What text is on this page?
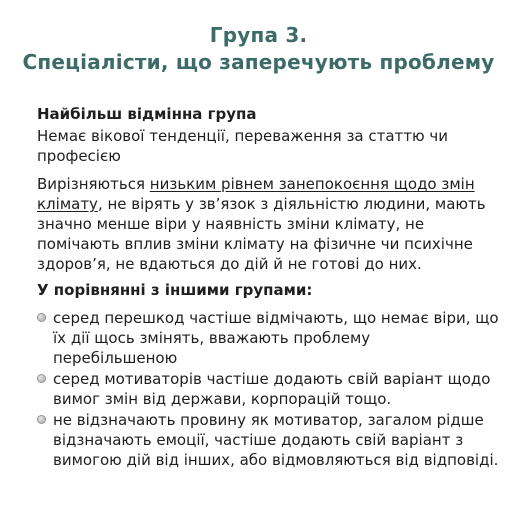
Група 3.
Спеціалісти, що заперечують проблему

Найбільш відмінна група

Немає вікової тенденції, переваження за статтю чи професією

Вирізняються низьким рівнем занепокоєння щодо змін клімату, не вірять у зв’язок з діяльністю людини, мають значно менше віри у наявність зміни клімату, не помічають вплив зміни клімату на фізичне чи психічне здоров’я, не вдаються до дій й не готові до них.

У порівнянні з іншими групами:

серед перешкод частіше відмічають, що немає віри, що їх дії щось змінять, вважають проблему перебільшеною
серед мотиваторів частіше додають свій варіант щодо вимог змін від держави, корпорацій тощо.
не відзначають провину як мотиватор, загалом рідше відзначають емоції, частіше додають свій варіант з вимогою дій від інших, або відмовляються від відповіді.
